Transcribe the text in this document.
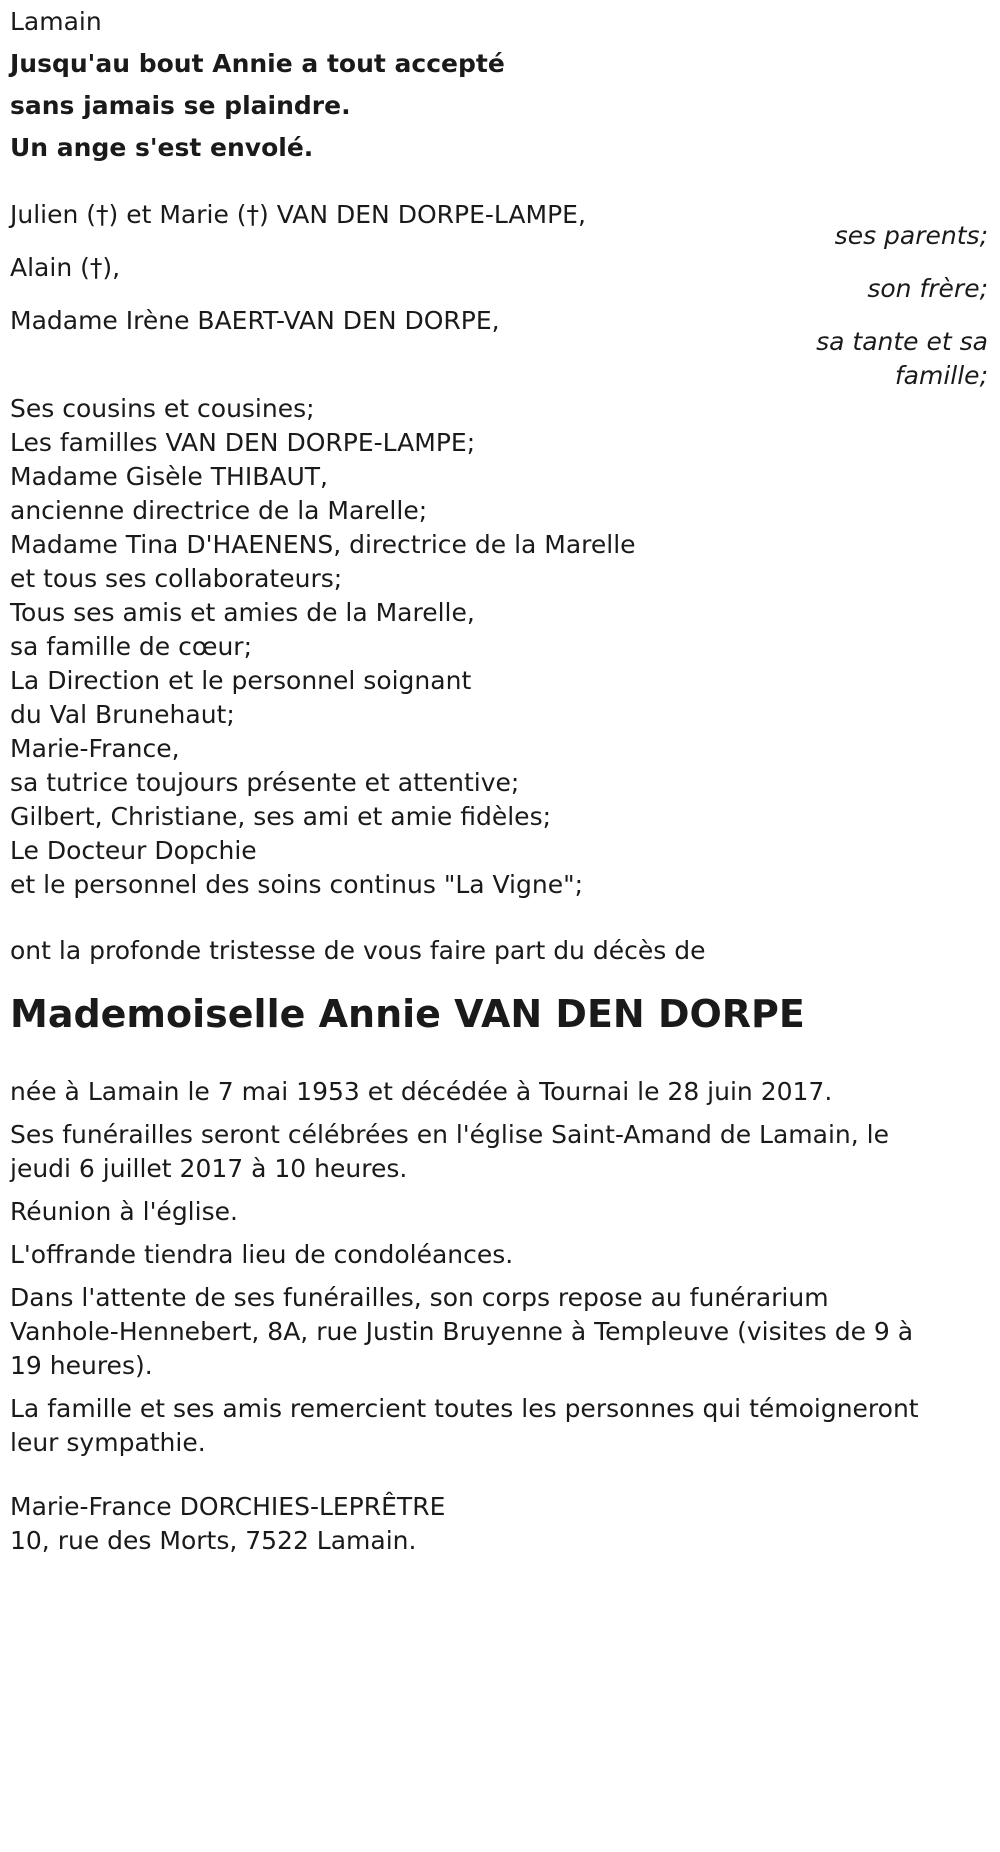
Lamain
Jusqu'au bout Annie a tout accepté
sans jamais se plaindre.
Un ange s'est envolé.
Julien (†) et Marie (†) VAN DEN DORPE-LAMPE,
ses parents;
Alain (†),
son frère;
Madame Irène BAERT-VAN DEN DORPE,
sa tante et sa
famille;
Ses cousins et cousines;
Les familles VAN DEN DORPE-LAMPE;
Madame Gisèle THIBAUT,
ancienne directrice de la Marelle;
Madame Tina D'HAENENS, directrice de la Marelle
et tous ses collaborateurs;
Tous ses amis et amies de la Marelle,
sa famille de cœur;
La Direction et le personnel soignant
du Val Brunehaut;
Marie-France,
sa tutrice toujours présente et attentive;
Gilbert, Christiane, ses ami et amie fidèles;
Le Docteur Dopchie
et le personnel des soins continus "La Vigne";
ont la profonde tristesse de vous faire part du décès de
Mademoiselle Annie VAN DEN DORPE
née à Lamain le 7 mai 1953 et décédée à Tournai le 28 juin 2017.
Ses funérailles seront célébrées en l'église Saint-Amand de Lamain, le
jeudi 6 juillet 2017 à 10 heures.
Réunion à l'église.
L'offrande tiendra lieu de condoléances.
Dans l'attente de ses funérailles, son corps repose au funérarium
Vanhole-Hennebert, 8A, rue Justin Bruyenne à Templeuve (visites de 9 à
19 heures).
La famille et ses amis remercient toutes les personnes qui témoigneront
leur sympathie.
Marie-France DORCHIES-LEPRÊTRE
10, rue des Morts, 7522 Lamain.
